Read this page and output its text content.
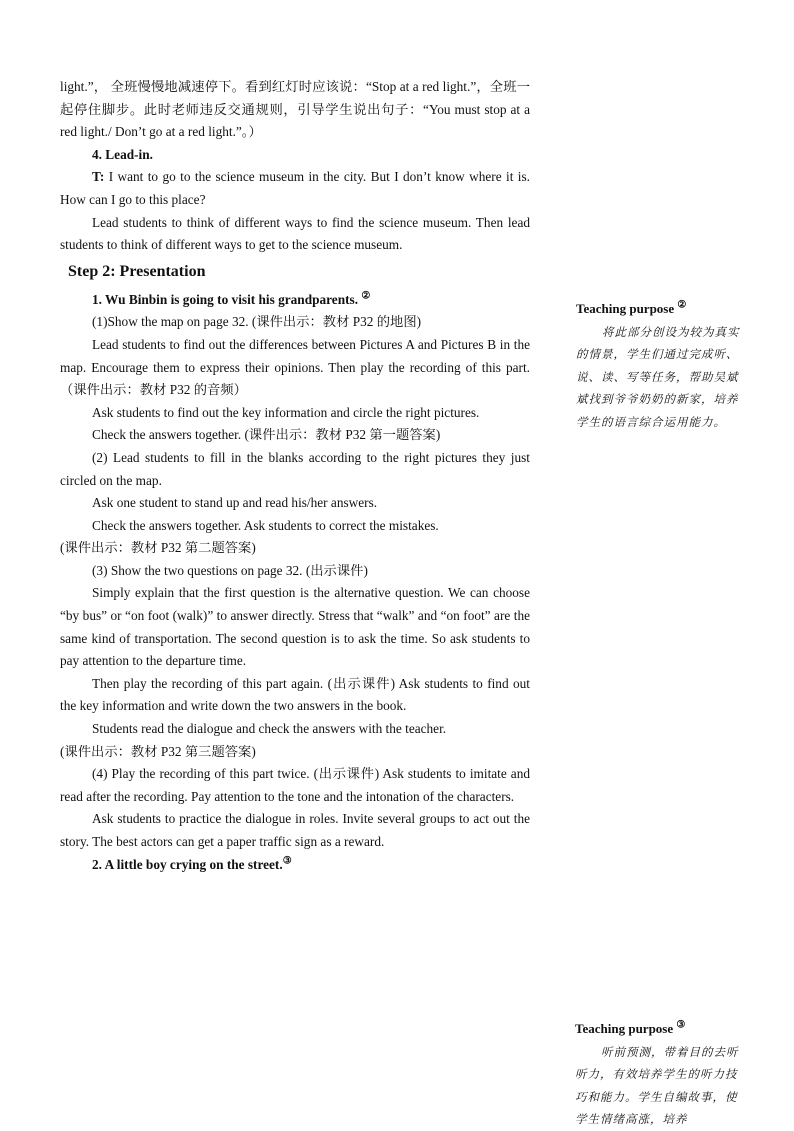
light.”， 全班慢慢地减速停下。看到红灯时应该说：“Stop at a red light.”，全班一起停住脚步。此时老师违反交通规则，引导学生说出句子：“You must stop at a red light./ Don’t go at a red light.”。）

4. Lead-in.

T: I want to go to the science museum in the city. But I don’t know where it is. How can I go to this place?

Lead students to think of different ways to find the science museum. Then lead students to think of different ways to get to the science museum.

Step 2: Presentation

1. Wu Binbin is going to visit his grandparents. ②

(1)Show the map on page 32. (课件出示：教材 P32 的地图)

Lead students to find out the differences between Pictures A and Pictures B in the map. Encourage them to express their opinions. Then play the recording of this part. （课件出示：教材 P32 的音频）

Ask students to find out the key information and circle the right pictures.

Check the answers together. (课件出示：教材 P32 第一题答案)

(2) Lead students to fill in the blanks according to the right pictures they just circled on the map.

Ask one student to stand up and read his/her answers.

Check the answers together. Ask students to correct the mistakes.

(课件出示：教材 P32 第二题答案)

(3) Show the two questions on page 32. (出示课件)

Simply explain that the first question is the alternative question. We can choose “by bus” or “on foot (walk)” to answer directly. Stress that “walk” and “on foot” are the same kind of transportation. The second question is to ask the time. So ask students to pay attention to the departure time.

Then play the recording of this part again. (出示课件) Ask students to find out the key information and write down the two answers in the book.

Students read the dialogue and check the answers with the teacher.

(课件出示：教材 P32 第三题答案)

(4) Play the recording of this part twice. (出示课件) Ask students to imitate and read after the recording. Pay attention to the tone and the intonation of the characters.

Ask students to practice the dialogue in roles. Invite several groups to act out the story. The best actors can get a paper traffic sign as a reward.

2. A little boy crying on the street.③

Teaching purpose ②

将此部分创设为较为真实的情景，学生们通过完成听、说、读、写等任务，帮助吴斌斌找到爷爷奶奶的新家，培养学生的语言综合运用能力。

Teaching purpose ③

听前预测，带着目的去听听力，有效培养学生的听力技巧和能力。学生自编故事，使学生情绪高涨，培养
